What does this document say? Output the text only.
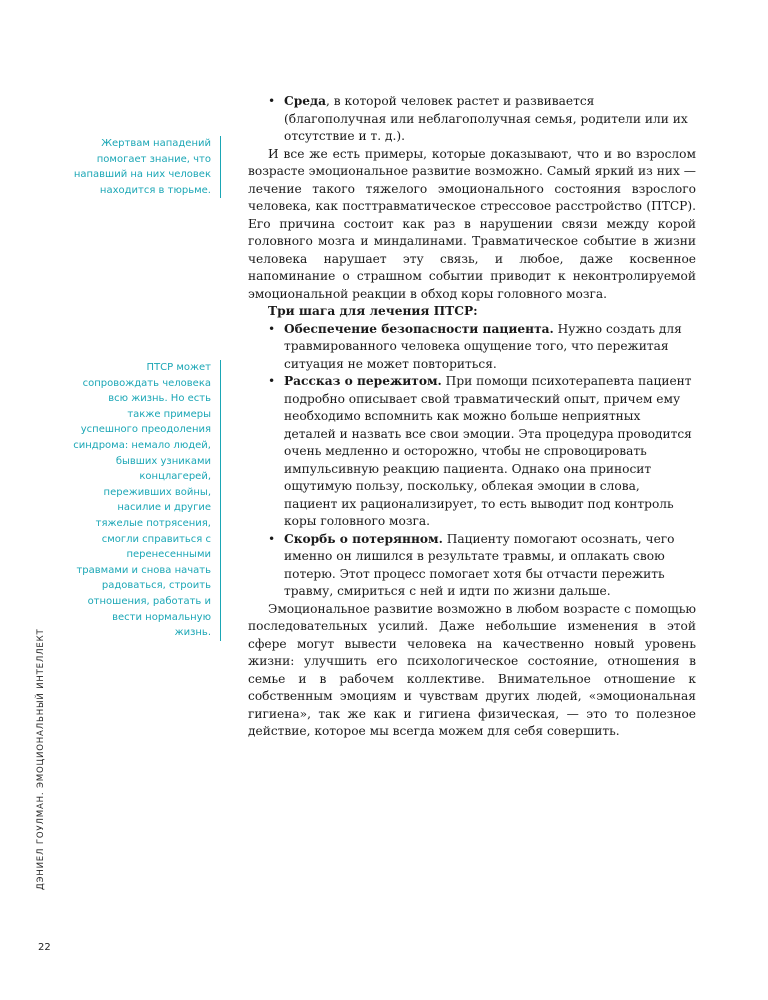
• Среда, в которой человек растет и развивается (благополучная или неблагополучная семья, родители или их отсутствие и т. д.).

И все же есть примеры, которые доказывают, что и во взрослом возрасте эмоциональное развитие возможно. Самый яркий из них — лечение такого тяжелого эмоционального состояния взрослого человека, как посттравматическое стрессовое расстройство (ПТСР). Его причина состоит как раз в нарушении связи между корой головного мозга и миндалинами. Травматическое событие в жизни человека нарушает эту связь, и любое, даже косвенное напоминание о страшном событии приводит к неконтролируемой эмоциональной реакции в обход коры головного мозга.

Три шага для лечения ПТСР:

• Обеспечение безопасности пациента. Нужно создать для травмированного человека ощущение того, что пережитая ситуация не может повториться.
• Рассказ о пережитом. При помощи психотерапевта пациент подробно описывает свой травматический опыт, причем ему необходимо вспомнить как можно больше неприятных деталей и назвать все свои эмоции. Эта процедура проводится очень медленно и осторожно, чтобы не спровоцировать импульсивную реакцию пациента. Однако она приносит ощутимую пользу, поскольку, облекая эмоции в слова, пациент их рационализирует, то есть выводит под контроль коры головного мозга.
• Скорбь о потерянном. Пациенту помогают осознать, чего именно он лишился в результате травмы, и оплакать свою потерю. Этот процесс помогает хотя бы отчасти пережить травму, смириться с ней и идти по жизни дальше.

Эмоциональное развитие возможно в любом возрасте с помощью последовательных усилий. Даже небольшие изменения в этой сфере могут вывести человека на качественно новый уровень жизни: улучшить его психологическое состояние, отношения в семье и в рабочем коллективе. Внимательное отношение к собственным эмоциям и чувствам других людей, «эмоциональная гигиена», так же как и гигиена физическая, — это то полезное действие, которое мы всегда можем для себя совершить.

Жертвам нападений помогает знание, что напавший на них человек находится в тюрьме.
ПТСР может сопровождать человека всю жизнь. Но есть также примеры успешного преодоления синдрома: немало людей, бывших узниками концлагерей, переживших войны, насилие и другие тяжелые потрясения, смогли справиться с перенесенными травмами и снова начать радоваться, строить отношения, работать и вести нормальную жизнь.
ДЭНИЕЛ ГОУЛМАН. ЭМОЦИОНАЛЬНЫЙ ИНТЕЛЛЕКТ
22
